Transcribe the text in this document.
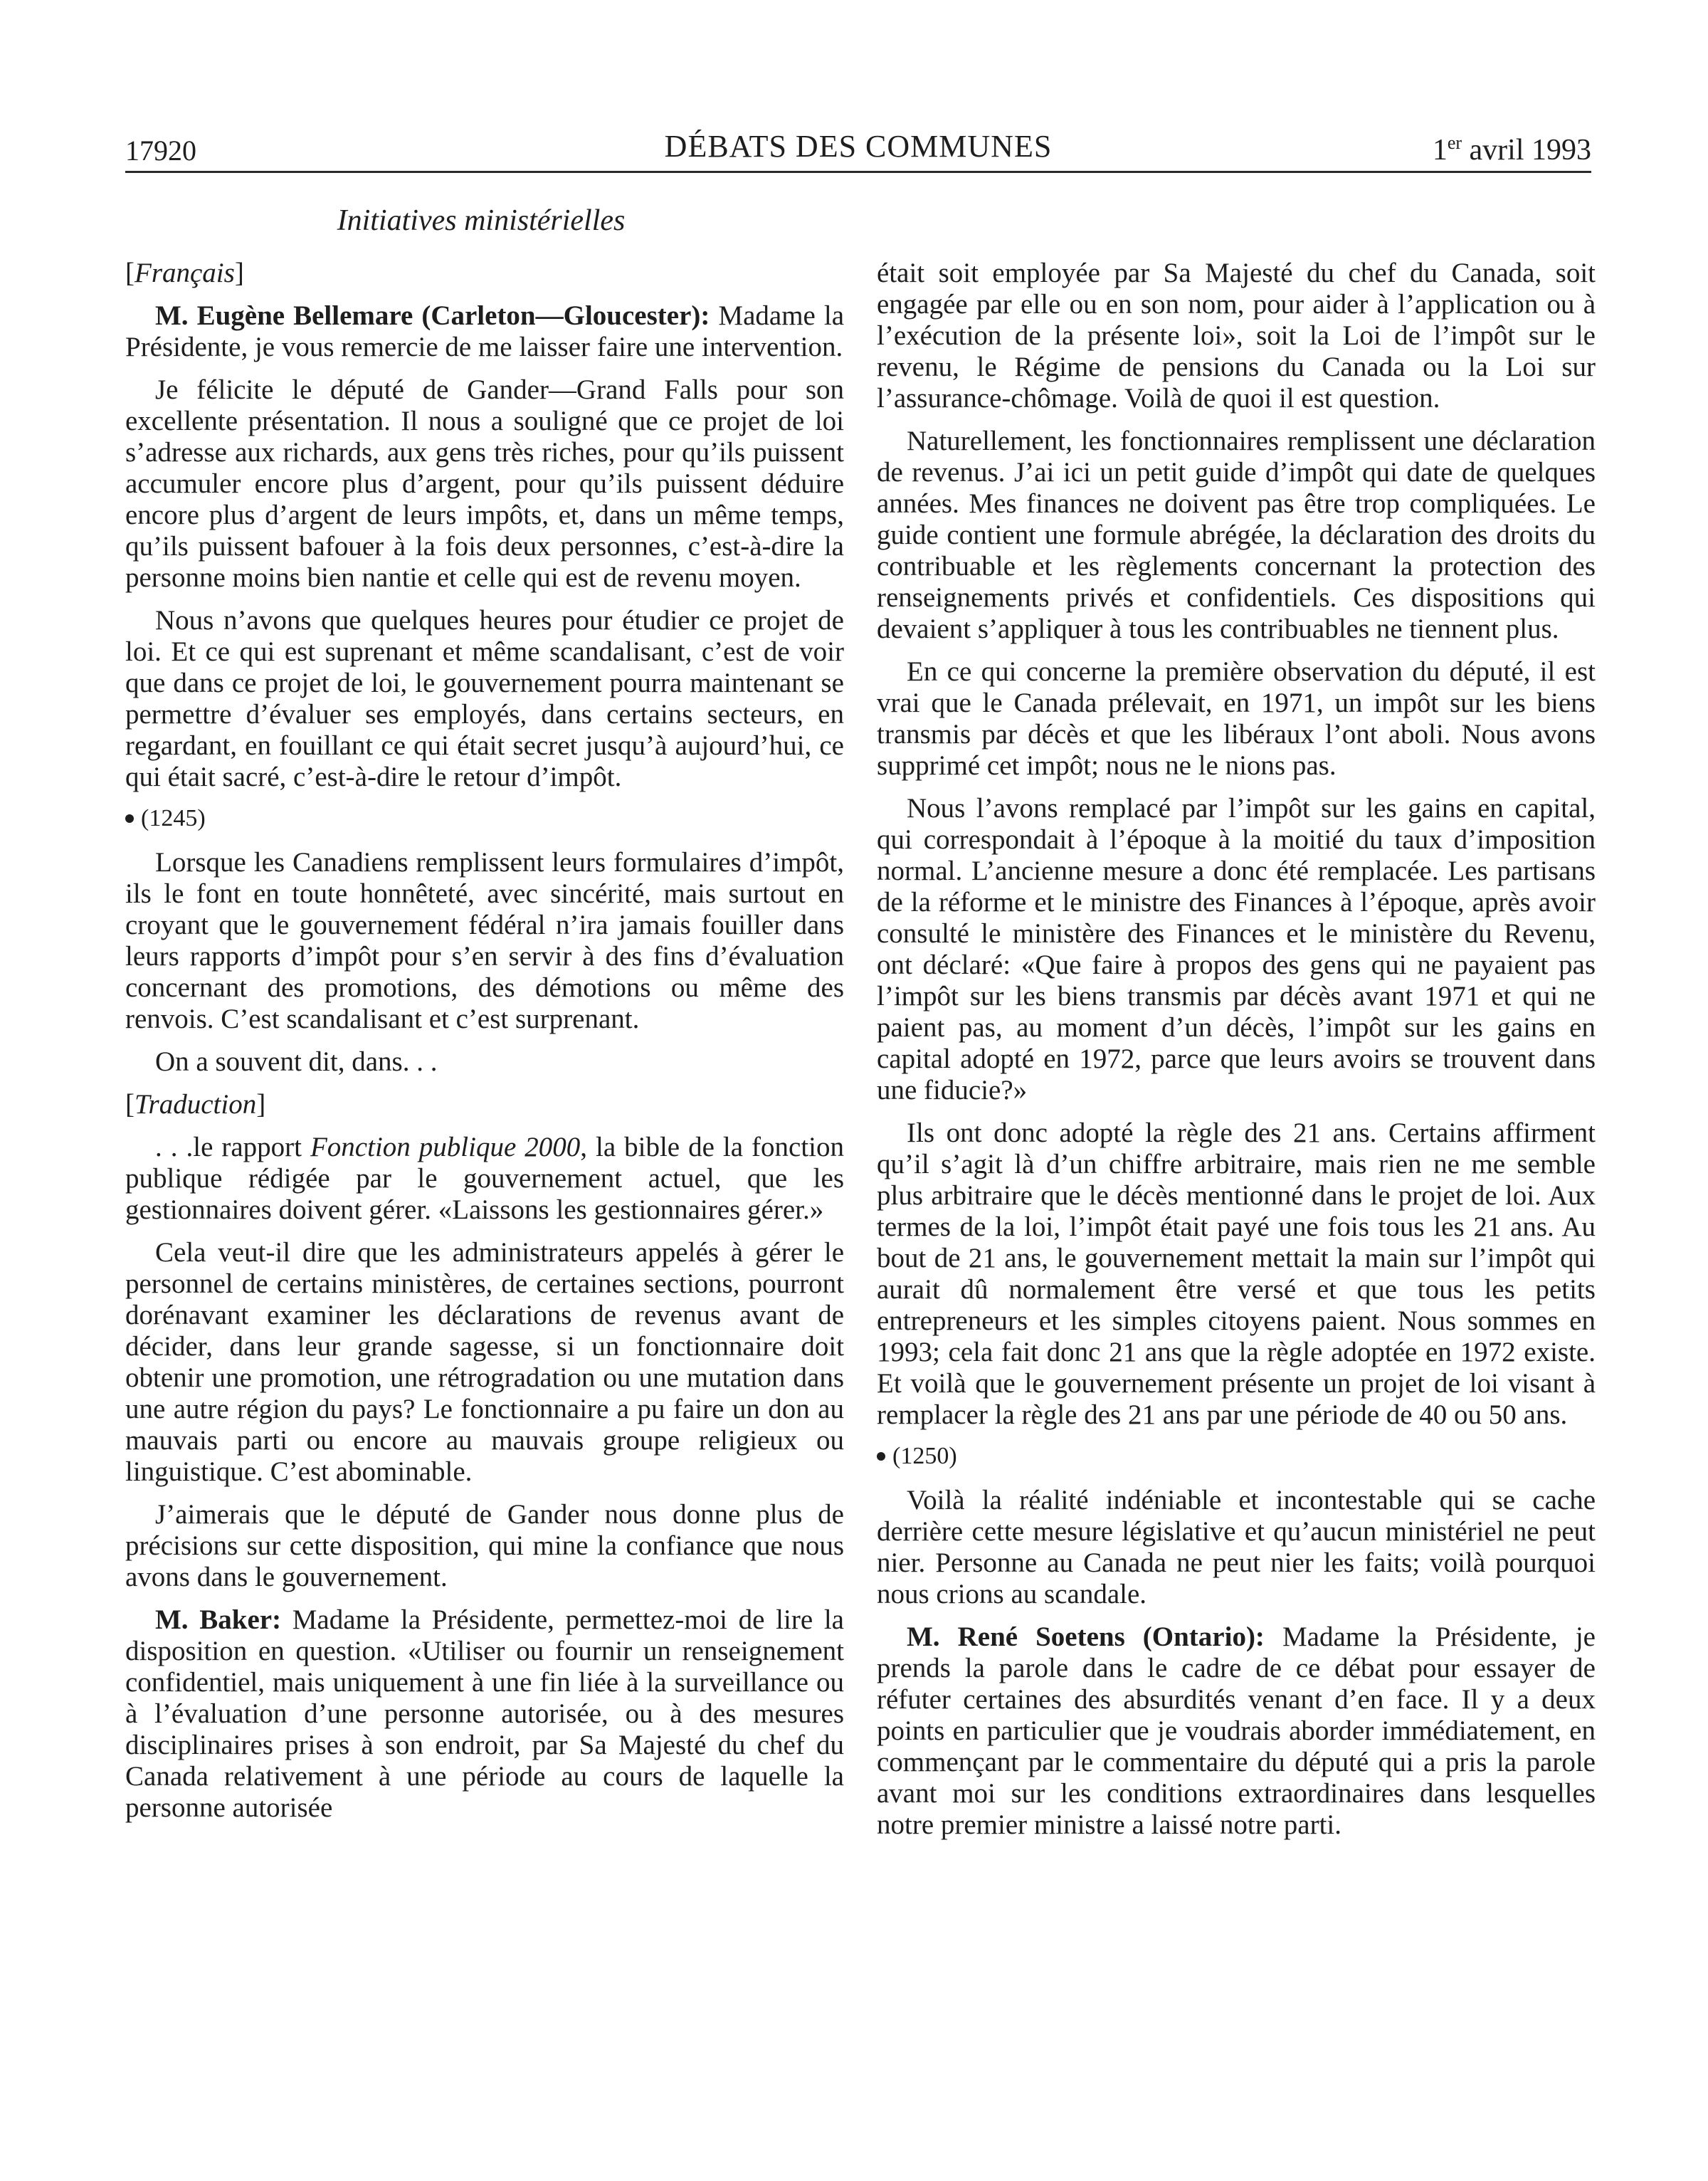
17920	DÉBATS DES COMMUNES	1er avril 1993
Initiatives ministérielles
[Français]

M. Eugène Bellemare (Carleton—Gloucester): Madame la Présidente, je vous remercie de me laisser faire une intervention.

Je félicite le député de Gander—Grand Falls pour son excellente présentation. Il nous a souligné que ce projet de loi s’adresse aux richards, aux gens très riches, pour qu’ils puissent accumuler encore plus d’argent, pour qu’ils puissent déduire encore plus d’argent de leurs impôts, et, dans un même temps, qu’ils puissent bafouer à la fois deux personnes, c’est-à-dire la personne moins bien nantie et celle qui est de revenu moyen.

Nous n’avons que quelques heures pour étudier ce projet de loi. Et ce qui est suprenant et même scandalisant, c’est de voir que dans ce projet de loi, le gouvernement pourra maintenant se permettre d’évaluer ses employés, dans certains secteurs, en regardant, en fouillant ce qui était secret jusqu’à aujourd’hui, ce qui était sacré, c’est-à-dire le retour d’impôt.

(1245)

Lorsque les Canadiens remplissent leurs formulaires d’impôt, ils le font en toute honnêteté, avec sincérité, mais surtout en croyant que le gouvernement fédéral n’ira jamais fouiller dans leurs rapports d’impôt pour s’en servir à des fins d’évaluation concernant des promotions, des démotions ou même des renvois. C’est scandalisant et c’est surprenant.

On a souvent dit, dans. . .

[Traduction]

. . .le rapport Fonction publique 2000, la bible de la fonction publique rédigée par le gouvernement actuel, que les gestionnaires doivent gérer. «Laissons les gestionnaires gérer.»

Cela veut-il dire que les administrateurs appelés à gérer le personnel de certains ministères, de certaines sections, pourront dorénavant examiner les déclarations de revenus avant de décider, dans leur grande sagesse, si un fonctionnaire doit obtenir une promotion, une rétrogradation ou une mutation dans une autre région du pays? Le fonctionnaire a pu faire un don au mauvais parti ou encore au mauvais groupe religieux ou linguistique. C’est abominable.

J’aimerais que le député de Gander nous donne plus de précisions sur cette disposition, qui mine la confiance que nous avons dans le gouvernement.

M. Baker: Madame la Présidente, permettez-moi de lire la disposition en question. «Utiliser ou fournir un renseignement confidentiel, mais uniquement à une fin liée à la surveillance ou à l’évaluation d’une personne autorisée, ou à des mesures disciplinaires prises à son endroit, par Sa Majesté du chef du Canada relativement à une période au cours de laquelle la personne autorisée

était soit employée par Sa Majesté du chef du Canada, soit engagée par elle ou en son nom, pour aider à l’application ou à l’exécution de la présente loi», soit la Loi de l’impôt sur le revenu, le Régime de pensions du Canada ou la Loi sur l’assurance-chômage. Voilà de quoi il est question.

Naturellement, les fonctionnaires remplissent une déclaration de revenus. J’ai ici un petit guide d’impôt qui date de quelques années. Mes finances ne doivent pas être trop compliquées. Le guide contient une formule abrégée, la déclaration des droits du contribuable et les règlements concernant la protection des renseignements privés et confidentiels. Ces dispositions qui devaient s’appliquer à tous les contribuables ne tiennent plus.

En ce qui concerne la première observation du député, il est vrai que le Canada prélevait, en 1971, un impôt sur les biens transmis par décès et que les libéraux l’ont aboli. Nous avons supprimé cet impôt; nous ne le nions pas.

Nous l’avons remplacé par l’impôt sur les gains en capital, qui correspondait à l’époque à la moitié du taux d’imposition normal. L’ancienne mesure a donc été remplacée. Les partisans de la réforme et le ministre des Finances à l’époque, après avoir consulté le ministère des Finances et le ministère du Revenu, ont déclaré: «Que faire à propos des gens qui ne payaient pas l’impôt sur les biens transmis par décès avant 1971 et qui ne paient pas, au moment d’un décès, l’impôt sur les gains en capital adopté en 1972, parce que leurs avoirs se trouvent dans une fiducie?»

Ils ont donc adopté la règle des 21 ans. Certains affirment qu’il s’agit là d’un chiffre arbitraire, mais rien ne me semble plus arbitraire que le décès mentionné dans le projet de loi. Aux termes de la loi, l’impôt était payé une fois tous les 21 ans. Au bout de 21 ans, le gouvernement mettait la main sur l’impôt qui aurait dû normalement être versé et que tous les petits entrepreneurs et les simples citoyens paient. Nous sommes en 1993; cela fait donc 21 ans que la règle adoptée en 1972 existe. Et voilà que le gouvernement présente un projet de loi visant à remplacer la règle des 21 ans par une période de 40 ou 50 ans.

(1250)

Voilà la réalité indéniable et incontestable qui se cache derrière cette mesure législative et qu’aucun ministériel ne peut nier. Personne au Canada ne peut nier les faits; voilà pourquoi nous crions au scandale.

M. René Soetens (Ontario): Madame la Présidente, je prends la parole dans le cadre de ce débat pour essayer de réfuter certaines des absurdités venant d’en face. Il y a deux points en particulier que je voudrais aborder immédiatement, en commençant par le commentaire du député qui a pris la parole avant moi sur les conditions extraordinaires dans lesquelles notre premier ministre a laissé notre parti.
